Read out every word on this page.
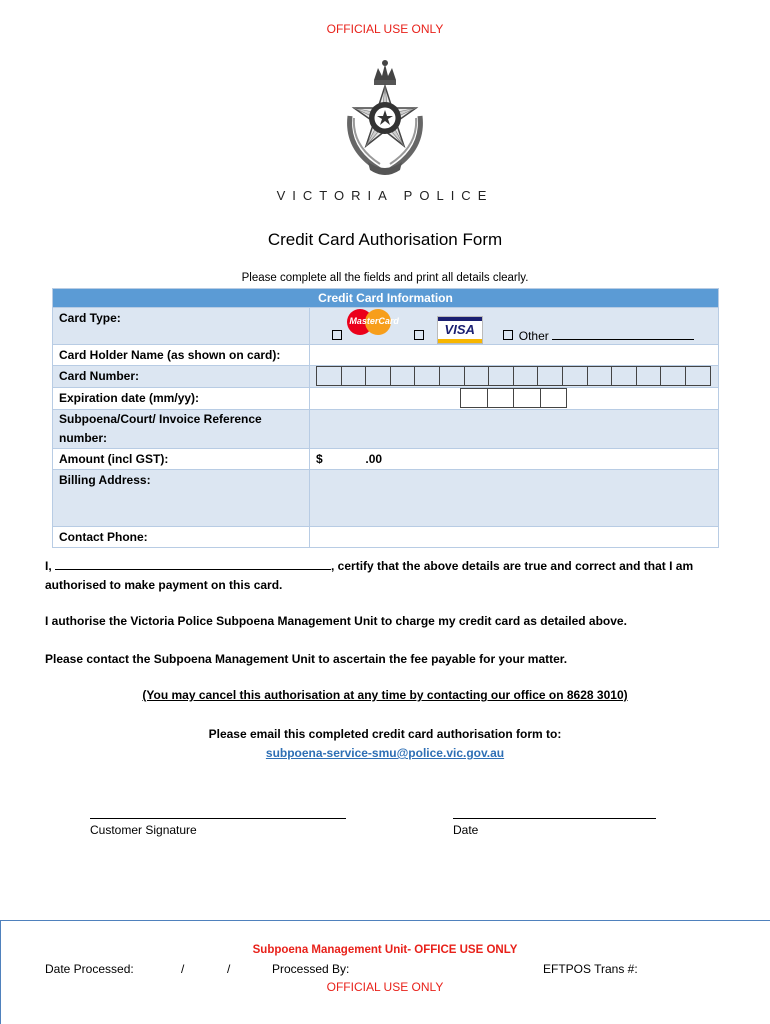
OFFICIAL USE ONLY
VICTORIA POLICE
Credit Card Authorisation Form
Please complete all the fields and print all details clearly.
Credit Card Information	
Card Type:	MasterCard

VISA Other
Card Holder Name (as shown on card):	
Card Number:	

Expiration date (mm/yy):	

Subpoena/Court/ Invoice Reference
number:	

Amount (incl GST):	$ .00
Billing Address:	
Contact Phone:	
I,	, certify that the above details are true and correct and that I am
authorised to make payment on this card.
I authorise the Victoria Police Subpoena Management Unit to charge my credit card as detailed above.
Please contact the Subpoena Management Unit to ascertain the fee payable for your matter.
(You may cancel this authorisation at any time by contacting our office on 8628 3010)
Please email this completed credit card authorisation form to:
subpoena-service-smu@police.vic.gov.au
Customer Signature	Date
Subpoena Management Unit- OFFICE USE ONLY
Date Processed:	/	/	Processed By:	EFTPOS Trans #:
OFFICIAL USE ONLY
